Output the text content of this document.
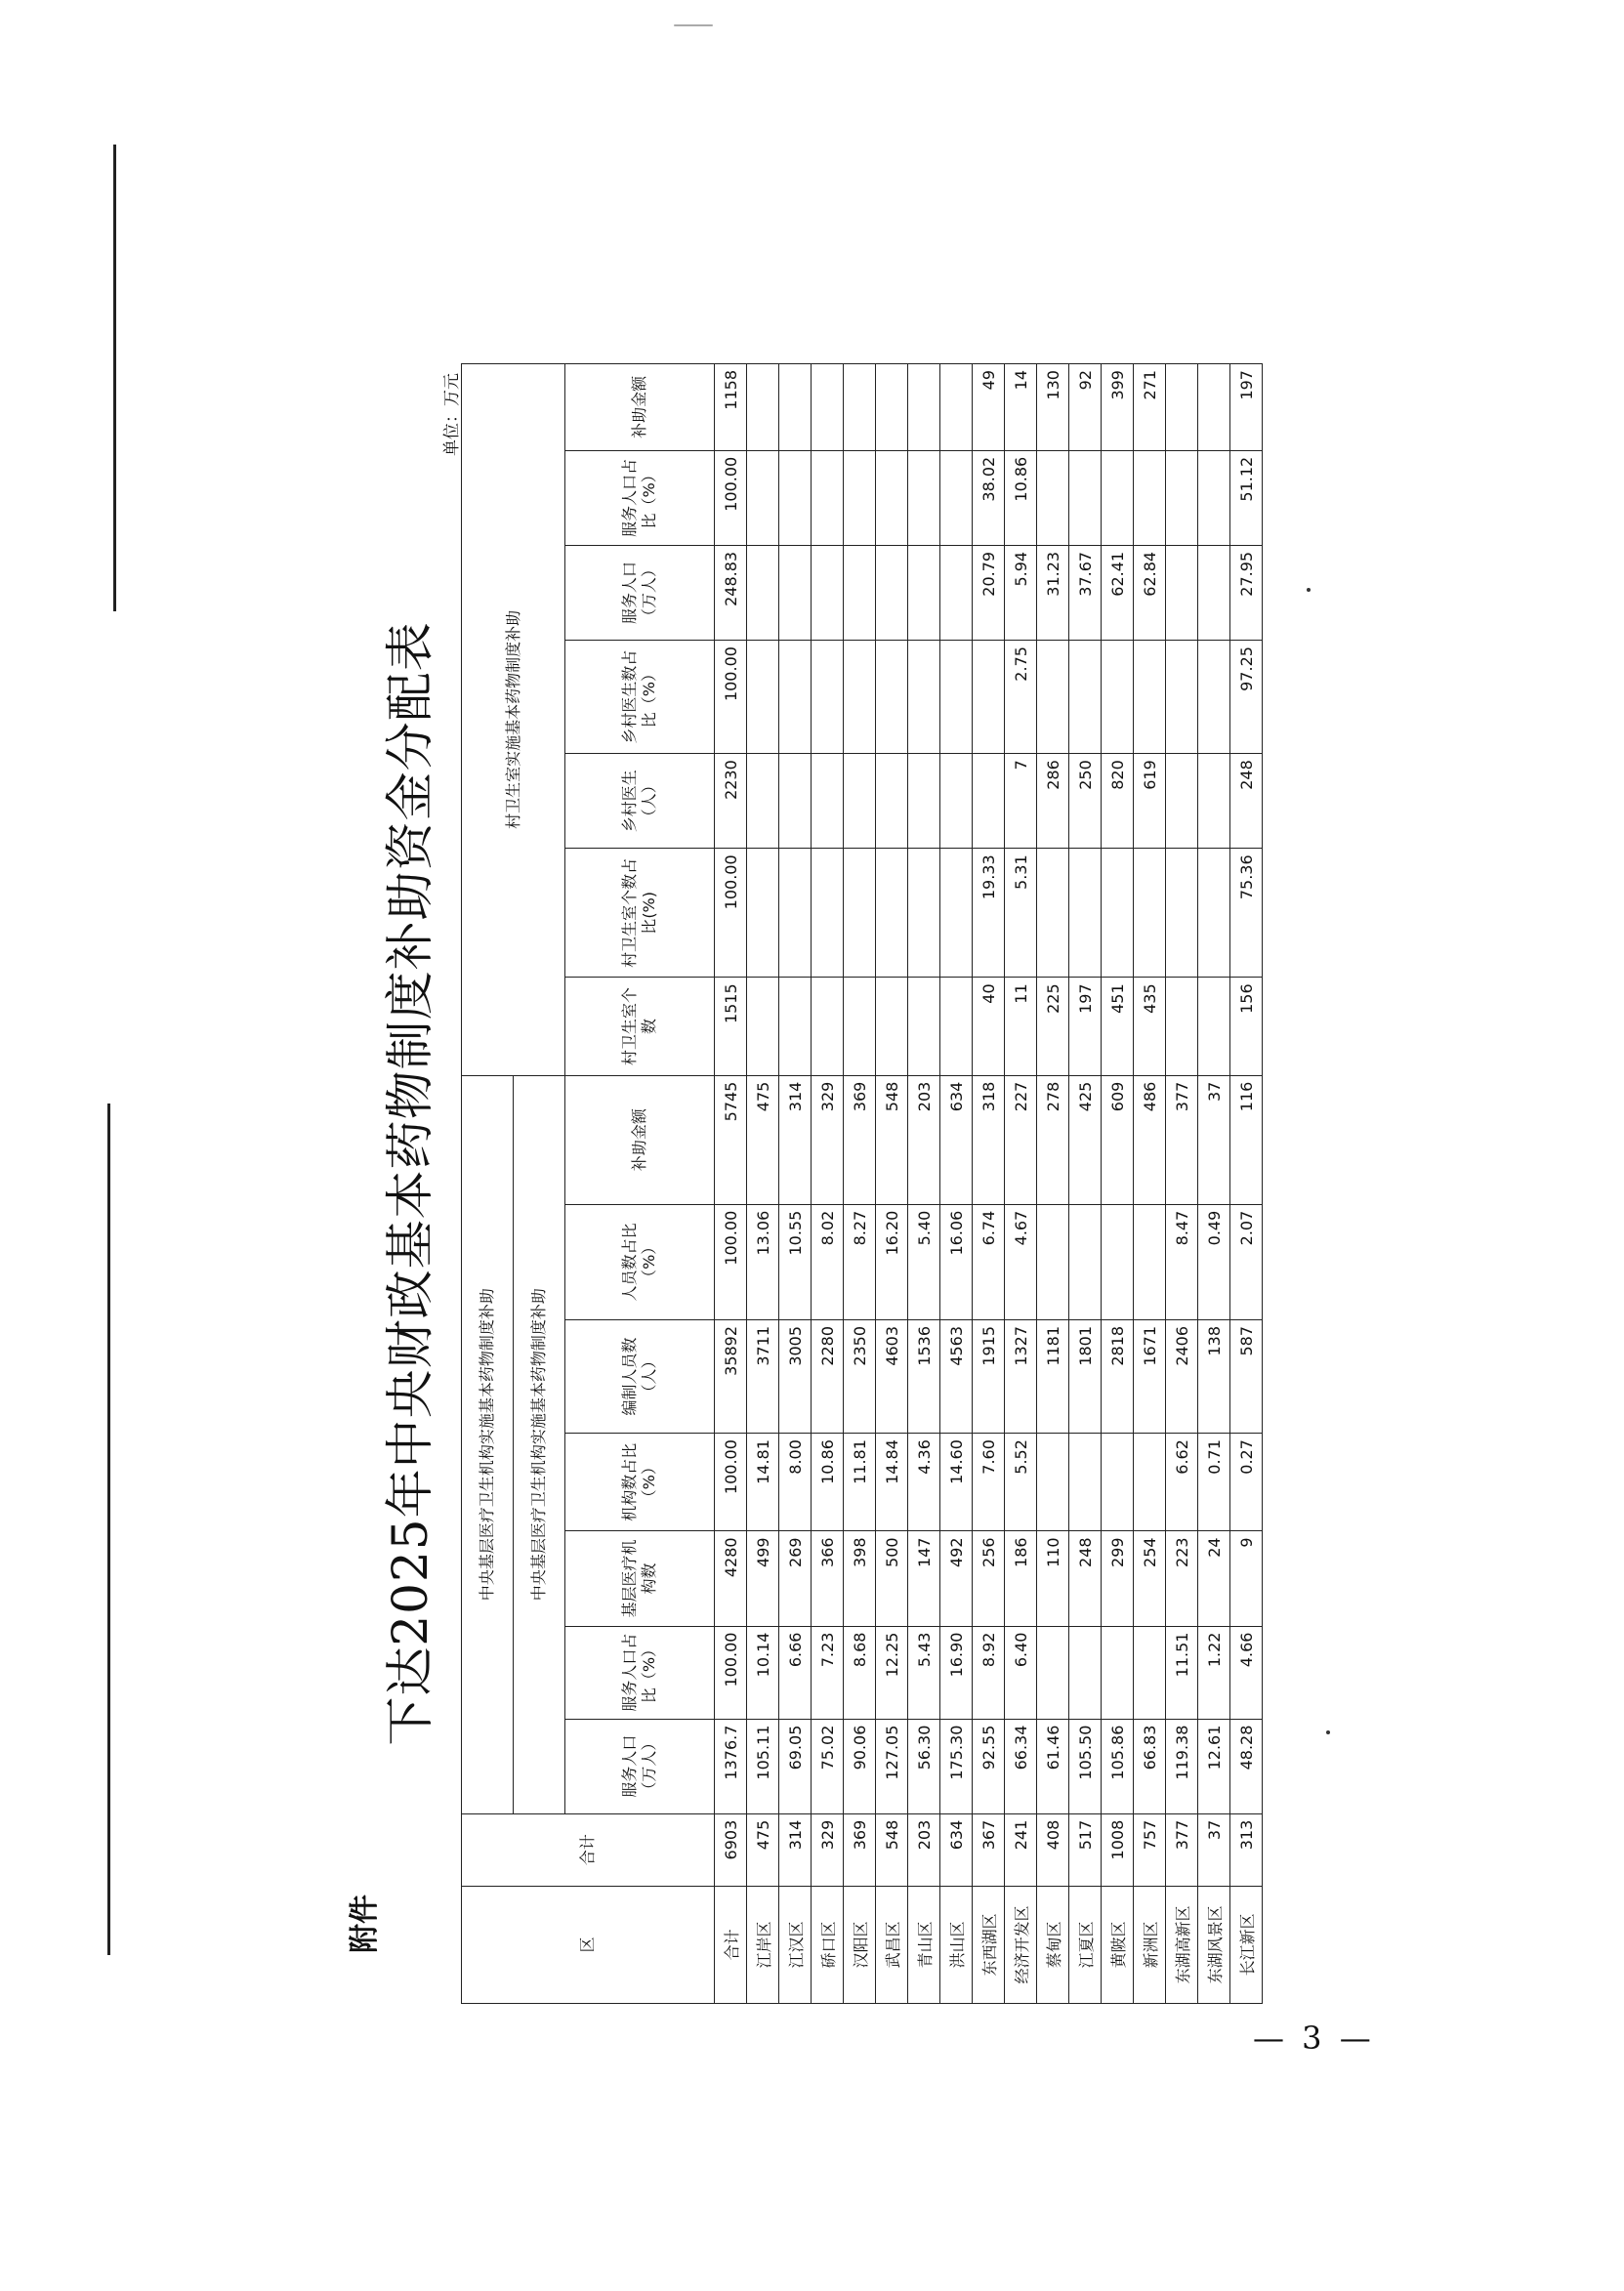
附件
— 3 —
下达2025年中央财政基本药物制度补助资金分配表
单位：万元
区	合计	中央基层医疗卫生机构实施基本药物制度补助							村卫生室实施基本药物制度补助						
		中央基层医疗卫生机构实施基本药物制度补助													
		服务人口（万人）	服务人口占比（%）	基层医疗机构数	机构数占比（%）	编制人员数（人）	人员数占比（%）	补助金额	村卫生室个数	村卫生室个数占比(%)	乡村医生（人）	乡村医生数占比（%）	服务人口（万人）	服务人口占比（%）	补助金额
合计	6903	1376.7	100.00	4280	100.00	35892	100.00	5745	1515	100.00	2230	100.00	248.83	100.00	1158
江岸区	475	105.11	10.14	499	14.81	3711	13.06	475							
江汉区	314	69.05	6.66	269	8.00	3005	10.55	314							
硚口区	329	75.02	7.23	366	10.86	2280	8.02	329							
汉阳区	369	90.06	8.68	398	11.81	2350	8.27	369							
武昌区	548	127.05	12.25	500	14.84	4603	16.20	548							
青山区	203	56.30	5.43	147	4.36	1536	5.40	203							
洪山区	634	175.30	16.90	492	14.60	4563	16.06	634							
东西湖区	367	92.55	8.92	256	7.60	1915	6.74	318	40	19.33			20.79	38.02	49
经济开发区	241	66.34	6.40	186	5.52	1327	4.67	227	11	5.31	7	2.75	5.94	10.86	14
蔡甸区	408	61.46		110		1181		278	225		286		31.23		130
江夏区	517	105.50		248		1801		425	197		250		37.67		92
黄陂区	1008	105.86		299		2818		609	451		820		62.41		399
新洲区	757	66.83		254		1671		486	435		619		62.84		271
东湖高新区	377	119.38	11.51	223	6.62	2406	8.47	377							
东湖风景区	37	12.61	1.22	24	0.71	138	0.49	37							
长江新区	313	48.28	4.66	9	0.27	587	2.07	116	156	75.36	248	97.25	27.95	51.12	197
